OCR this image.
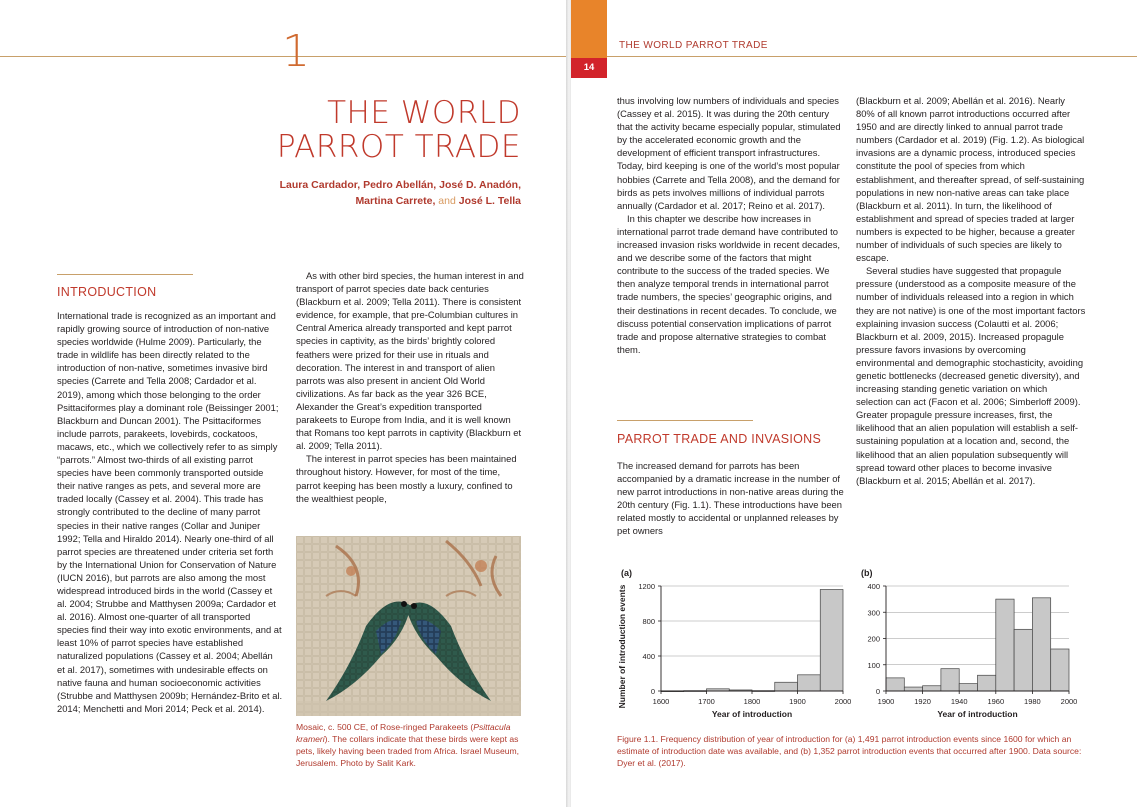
1
THE WORLD
PARROT TRADE
Laura Cardador, Pedro Abellán, José D. Anadón,
Martina Carrete, and José L. Tella
INTRODUCTION

International trade is recognized as an important and rapidly growing source of introduction of non-native species worldwide (Hulme 2009). Particularly, the trade in wildlife has been directly related to the introduction of non-native, sometimes invasive bird species (Carrete and Tella 2008; Cardador et al. 2019), among which those belonging to the order Psittaciformes play a dominant role (Beissinger 2001; Blackburn and Duncan 2001). The Psittaciformes include parrots, parakeets, lovebirds, cockatoos, macaws, etc., which we collectively refer to as simply “parrots.” Almost two-thirds of all existing parrot species have been commonly transported outside their native ranges as pets, and several more are traded locally (Cassey et al. 2004). This trade has strongly contributed to the decline of many parrot species in their native ranges (Collar and Juniper 1992; Tella and Hiraldo 2014). Nearly one-third of all parrot species are threatened under criteria set forth by the International Union for Conservation of Nature (IUCN 2016), but parrots are also among the most widespread introduced birds in the world (Cassey et al. 2004; Strubbe and Matthysen 2009a; Cardador et al. 2016). Almost one-quarter of all transported species find their way into exotic environments, and at least 10% of parrot species have established naturalized populations (Cassey et al. 2004; Abellán et al. 2017), sometimes with undesirable effects on native fauna and human socioeconomic activities (Strubbe and Matthysen 2009b; Hernández-Brito et al. 2014; Menchetti and Mori 2014; Peck et al. 2014).

As with other bird species, the human interest in and transport of parrot species date back centuries (Blackburn et al. 2009; Tella 2011). There is consistent evidence, for example, that pre-Columbian cultures in Central America already transported and kept parrot species in captivity, as the birds’ brightly colored feathers were prized for their use in rituals and decoration. The interest in and transport of alien parrots was also present in ancient Old World civilizations. As far back as the year 326 BCE, Alexander the Great’s expedition transported parakeets to Europe from India, and it is well known that Romans too kept parrots in captivity (Blackburn et al. 2009; Tella 2011).

The interest in parrot species has been maintained throughout history. However, for most of the time, parrot keeping has been mostly a luxury, confined to the wealthiest people,

Mosaic, c. 500 CE, of Rose-ringed Parakeets (Psittacula krameri). The collars indicate that these birds were kept as pets, likely having been traded from Africa. Israel Museum, Jerusalem. Photo by Salit Kark.
14
THE WORLD PARROT TRADE

thus involving low numbers of individuals and species (Cassey et al. 2015). It was during the 20th century that the activity became especially popular, stimulated by the accelerated economic growth and the development of efficient transport infrastructures. Today, bird keeping is one of the world’s most popular hobbies (Carrete and Tella 2008), and the demand for birds as pets involves millions of individual parrots annually (Cardador et al. 2017; Reino et al. 2017).

In this chapter we describe how increases in international parrot trade demand have contributed to increased invasion risks worldwide in recent decades, and we describe some of the factors that might contribute to the success of the traded species. We then analyze temporal trends in international parrot trade numbers, the species’ geographic origins, and their destinations in recent decades. To conclude, we discuss potential conservation implications of parrot trade and propose alternative strategies to combat them.

PARROT TRADE AND INVASIONS

The increased demand for parrots has been accompanied by a dramatic increase in the number of new parrot introductions in non-native areas during the 20th century (Fig. 1.1). These introductions have been related mostly to accidental or unplanned releases by pet owners

(Blackburn et al. 2009; Abellán et al. 2016). Nearly 80% of all known parrot introductions occurred after 1950 and are directly linked to annual parrot trade numbers (Cardador et al. 2019) (Fig. 1.2). As biological invasions are a dynamic process, introduced species constitute the pool of species from which establishment, and thereafter spread, of self-sustaining populations in new non-native areas can take place (Blackburn et al. 2011). In turn, the likelihood of establishment and spread of species traded at larger numbers is expected to be higher, because a greater number of individuals of such species are likely to escape.

Several studies have suggested that propagule pressure (understood as a composite measure of the number of individuals released into a region in which they are not native) is one of the most important factors explaining invasion success (Colautti et al. 2006; Blackburn et al. 2009, 2015). Increased propagule pressure favors invasions by overcoming environmental and demographic stochasticity, avoiding genetic bottlenecks (decreased genetic diversity), and increasing standing genetic variation on which selection can act (Facon et al. 2006; Simberloff 2009). Greater propagule pressure increases, first, the likelihood that an alien population will establish a self-sustaining population at a location and, second, the likelihood that an alien population subsequently will spread toward other places to become invasive (Blackburn et al. 2015; Abellán et al. 2017).

(a)
0
400
800
1200
1600	1700	1800	1900	2000
Year of introduction
Number of introduction events
(b)
0
100
200
300
400
1900	1920	1940	1960	1980	2000
Year of introduction
Figure 1.1. Frequency distribution of year of introduction for (a) 1,491 parrot introduction events since 1600 for which an estimate of introduction date was available, and (b) 1,352 parrot introduction events that occurred after 1900. Data source: Dyer et al. (2017).
